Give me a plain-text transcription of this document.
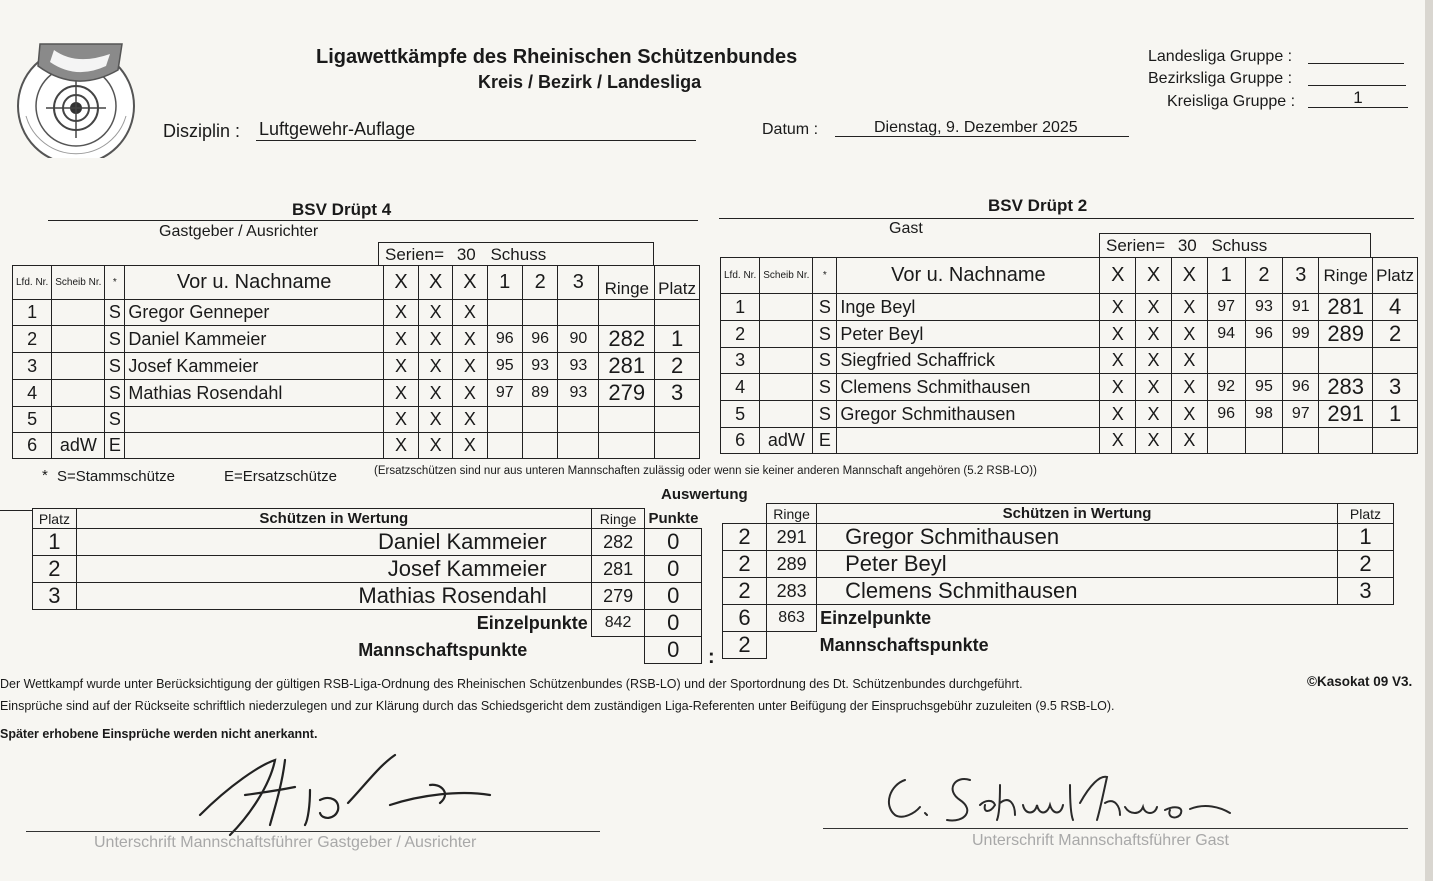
Ligawettkämpfe des Rheinischen Schützenbundes
Kreis / Bezirk / Landesliga
Landesliga Gruppe :
Bezirksliga Gruppe :
Kreisliga Gruppe :	1
Disziplin : Luftgewehr-Auflage	Datum :	Dienstag, 9. Dezember 2025
BSV Drüpt 4
Gastgeber / Ausrichter
BSV Drüpt 2
Gast
Serien= 30 Schuss	Serien= 30 Schuss
Lfd. Nr.	Scheib Nr.	*	Vor u. Nachname	X	X	X	1	2	3	Ringe	Platz
1		S	Gregor Genneper	X	X	X					
2		S	Daniel Kammeier	X	X	X	96	96	90	282	1
3		S	Josef Kammeier	X	X	X	95	93	93	281	2
4		S	Mathias Rosendahl	X	X	X	97	89	93	279	3
5		S		X	X	X					
6	adW	E		X	X	X					
Lfd. Nr.	Scheib Nr.	*	Vor u. Nachname	X	X	X	1	2	3	Ringe	Platz
1		S	Inge Beyl	X	X	X	97	93	91	281	4
2		S	Peter Beyl	X	X	X	94	96	99	289	2
3		S	Siegfried Schaffrick	X	X	X					
4		S	Clemens Schmithausen	X	X	X	92	95	96	283	3
5		S	Gregor Schmithausen	X	X	X	96	98	97	291	1
6	adW	E		X	X	X					
* S=Stammschütze	E=Ersatzschütze	(Ersatzschützen sind nur aus unteren Mannschaften zulässig oder wenn sie keiner anderen Mannschaft angehören (5.2 RSB-LO))
Auswertung
Platz	Schützen in Wertung	Ringe	Punkte
1	Daniel Kammeier	282	0
2	Josef Kammeier	281	0
3	Mathias Rosendahl	279	0
	Einzelpunkte	842	0
	Mannschaftspunkte		0 :
	Ringe	Schützen in Wertung	Platz
2	291	Gregor Schmithausen	1
2	289	Peter Beyl	2
2	283	Clemens Schmithausen	3
6	863	Einzelpunkte	
2		Mannschaftspunkte	
Der Wettkampf wurde unter Berücksichtigung der gültigen RSB-Liga-Ordnung des Rheinischen Schützenbundes (RSB-LO) und der Sportordnung des Dt. Schützenbundes durchgeführt.	©Kasokat 09 V3.
Einsprüche sind auf der Rückseite schriftlich niederzulegen und zur Klärung durch das Schiedsgericht dem zuständigen Liga-Referenten unter Beifügung der Einspruchsgebühr zuzuleiten (9.5 RSB-LO).
Später erhobene Einsprüche werden nicht anerkannt.
Unterschrift Mannschaftsführer Gastgeber / Ausrichter	Unterschrift Mannschaftsführer Gast
